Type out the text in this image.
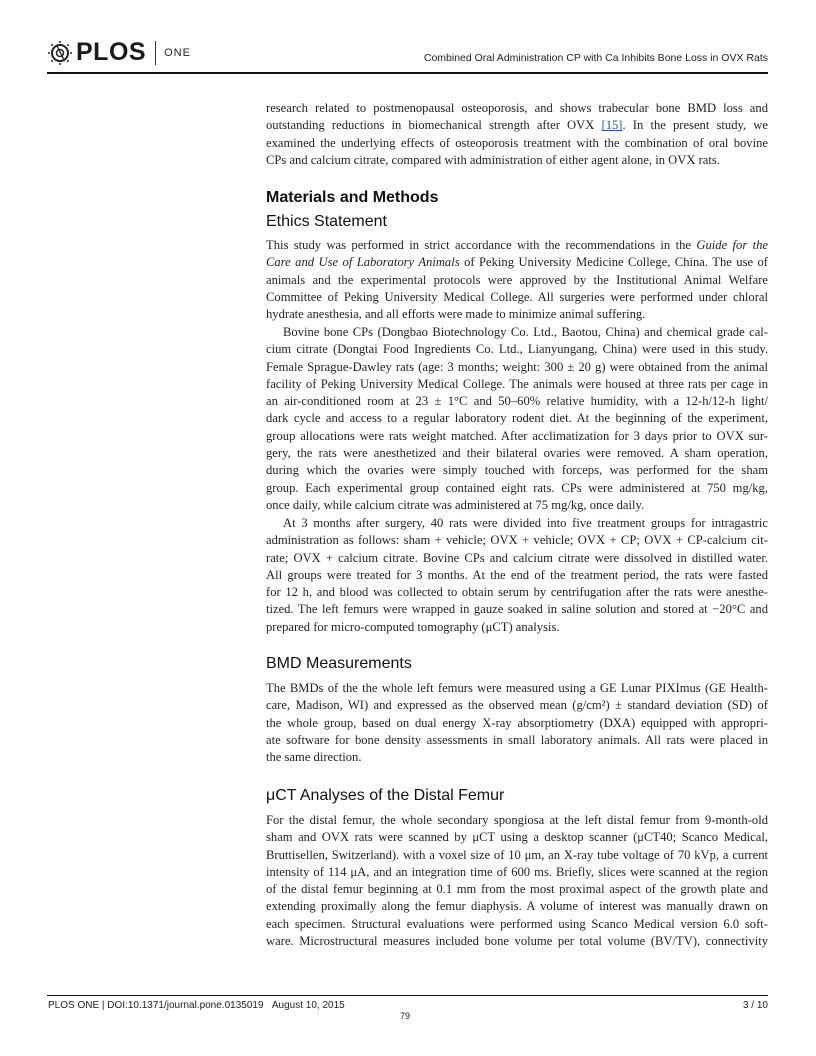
PLOS ONE	Combined Oral Administration CP with Ca Inhibits Bone Loss in OVX Rats
research related to postmenopausal osteoporosis, and shows trabecular bone BMD loss and
outstanding reductions in biomechanical strength after OVX [15]. In the present study, we
examined the underlying effects of osteoporosis treatment with the combination of oral bovine
CPs and calcium citrate, compared with administration of either agent alone, in OVX rats.
Materials and Methods
Ethics Statement
This study was performed in strict accordance with the recommendations in the Guide for the
Care and Use of Laboratory Animals of Peking University Medicine College, China. The use of
animals and the experimental protocols were approved by the Institutional Animal Welfare
Committee of Peking University Medical College. All surgeries were performed under chloral
hydrate anesthesia, and all efforts were made to minimize animal suffering.
Bovine bone CPs (Dongbao Biotechnology Co. Ltd., Baotou, China) and chemical grade cal-
cium citrate (Dongtai Food Ingredients Co. Ltd., Lianyungang, China) were used in this study.
Female Sprague-Dawley rats (age: 3 months; weight: 300 ± 20 g) were obtained from the animal
facility of Peking University Medical College. The animals were housed at three rats per cage in
an air-conditioned room at 23 ± 1°C and 50–60% relative humidity, with a 12-h/12-h light/
dark cycle and access to a regular laboratory rodent diet. At the beginning of the experiment,
group allocations were rats weight matched. After acclimatization for 3 days prior to OVX sur-
gery, the rats were anesthetized and their bilateral ovaries were removed. A sham operation,
during which the ovaries were simply touched with forceps, was performed for the sham
group. Each experimental group contained eight rats. CPs were administered at 750 mg/kg,
once daily, while calcium citrate was administered at 75 mg/kg, once daily.
At 3 months after surgery, 40 rats were divided into five treatment groups for intragastric
administration as follows: sham + vehicle; OVX + vehicle; OVX + CP; OVX + CP-calcium cit-
rate; OVX + calcium citrate. Bovine CPs and calcium citrate were dissolved in distilled water.
All groups were treated for 3 months. At the end of the treatment period, the rats were fasted
for 12 h, and blood was collected to obtain serum by centrifugation after the rats were anesthe-
tized. The left femurs were wrapped in gauze soaked in saline solution and stored at −20°C and
prepared for micro-computed tomography (μCT) analysis.
BMD Measurements
The BMDs of the the whole left femurs were measured using a GE Lunar PIXImus (GE Health-
care, Madison, WI) and expressed as the observed mean (g/cm²) ± standard deviation (SD) of
the whole group, based on dual energy X-ray absorptiometry (DXA) equipped with appropri-
ate software for bone density assessments in small laboratory animals. All rats were placed in
the same direction.
μCT Analyses of the Distal Femur
For the distal femur, the whole secondary spongiosa at the left distal femur from 9-month-old
sham and OVX rats were scanned by μCT using a desktop scanner (μCT40; Scanco Medical,
Bruttisellen, Switzerland). with a voxel size of 10 μm, an X-ray tube voltage of 70 kVp, a current
intensity of 114 μA, and an integration time of 600 ms. Briefly, slices were scanned at the region
of the distal femur beginning at 0.1 mm from the most proximal aspect of the growth plate and
extending proximally along the femur diaphysis. A volume of interest was manually drawn on
each specimen. Structural evaluations were performed using Scanco Medical version 6.0 soft-
ware. Microstructural measures included bone volume per total volume (BV/TV), connectivity
PLOS ONE | DOI:10.1371/journal.pone.0135019 August 10, 2015	3 / 10
79
